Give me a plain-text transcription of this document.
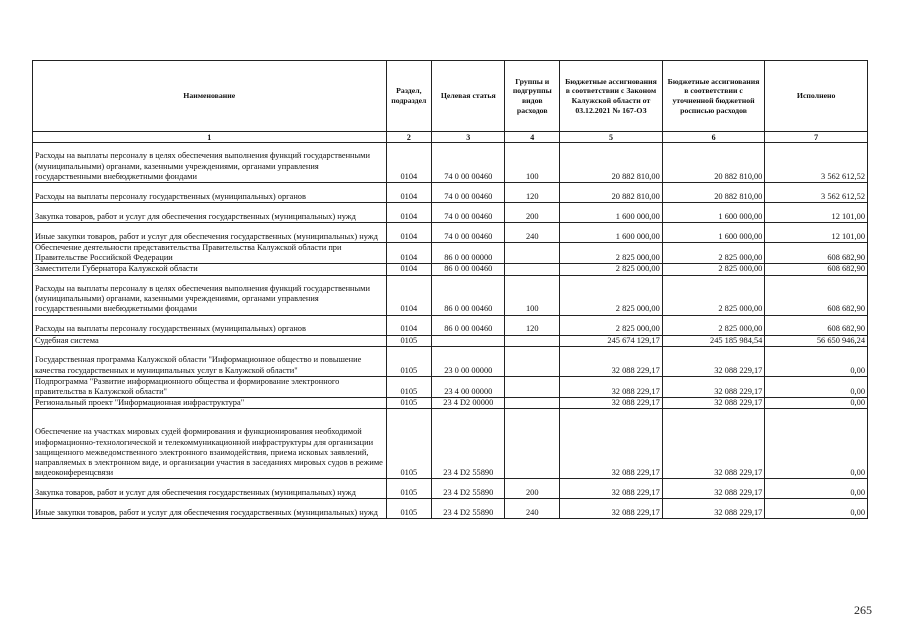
Наименование	Раздел, подраздел	Целевая статья	Группы и подгруппы видов расходов	Бюджетные ассигнования в соответствии с Законом Калужской области от 03.12.2021 № 167-ОЗ	Бюджетные ассигнования в соответствии с уточненной бюджетной росписью расходов	Исполнено
1	2	3	4	5	6	7
Расходы на выплаты персоналу в целях обеспечения выполнения функций государственными (муниципальными) органами, казенными учреждениями, органами управления государственными внебюджетными фондами	0104	74 0 00 00460	100	20 882 810,00	20 882 810,00	3 562 612,52
Расходы на выплаты персоналу государственных (муниципальных) органов	0104	74 0 00 00460	120	20 882 810,00	20 882 810,00	3 562 612,52
Закупка товаров, работ и услуг для обеспечения государственных (муниципальных) нужд	0104	74 0 00 00460	200	1 600 000,00	1 600 000,00	12 101,00
Иные закупки товаров, работ и услуг для обеспечения государственных (муниципальных) нужд	0104	74 0 00 00460	240	1 600 000,00	1 600 000,00	12 101,00
Обеспечение деятельности представительства Правительства Калужской области при Правительстве Российской Федерации	0104	86 0 00 00000		2 825 000,00	2 825 000,00	608 682,90
Заместители Губернатора Калужской области	0104	86 0 00 00460		2 825 000,00	2 825 000,00	608 682,90
Расходы на выплаты персоналу в целях обеспечения выполнения функций государственными (муниципальными) органами, казенными учреждениями, органами управления государственными внебюджетными фондами	0104	86 0 00 00460	100	2 825 000,00	2 825 000,00	608 682,90
Расходы на выплаты персоналу государственных (муниципальных) органов	0104	86 0 00 00460	120	2 825 000,00	2 825 000,00	608 682,90
Судебная система	0105			245 674 129,17	245 185 984,54	56 650 946,24
Государственная программа Калужской области "Информационное общество и повышение качества государственных и муниципальных услуг в Калужской области"	0105	23 0 00 00000		32 088 229,17	32 088 229,17	0,00
Подпрограмма "Развитие информационного общества и формирование электронного правительства в Калужской области"	0105	23 4 00 00000		32 088 229,17	32 088 229,17	0,00
Региональный проект "Информационная инфраструктура"	0105	23 4 D2 00000		32 088 229,17	32 088 229,17	0,00
Обеспечение на участках мировых судей формирования и функционирования необходимой информационно-технологической и телекоммуникационной инфраструктуры для организации защищенного межведомственного электронного взаимодействия, приема исковых заявлений, направляемых в электронном виде, и организации участия в заседаниях мировых судов в режиме видеоконференцсвязи	0105	23 4 D2 55890		32 088 229,17	32 088 229,17	0,00
Закупка товаров, работ и услуг для обеспечения государственных (муниципальных) нужд	0105	23 4 D2 55890	200	32 088 229,17	32 088 229,17	0,00
Иные закупки товаров, работ и услуг для обеспечения государственных (муниципальных) нужд	0105	23 4 D2 55890	240	32 088 229,17	32 088 229,17	0,00
265
